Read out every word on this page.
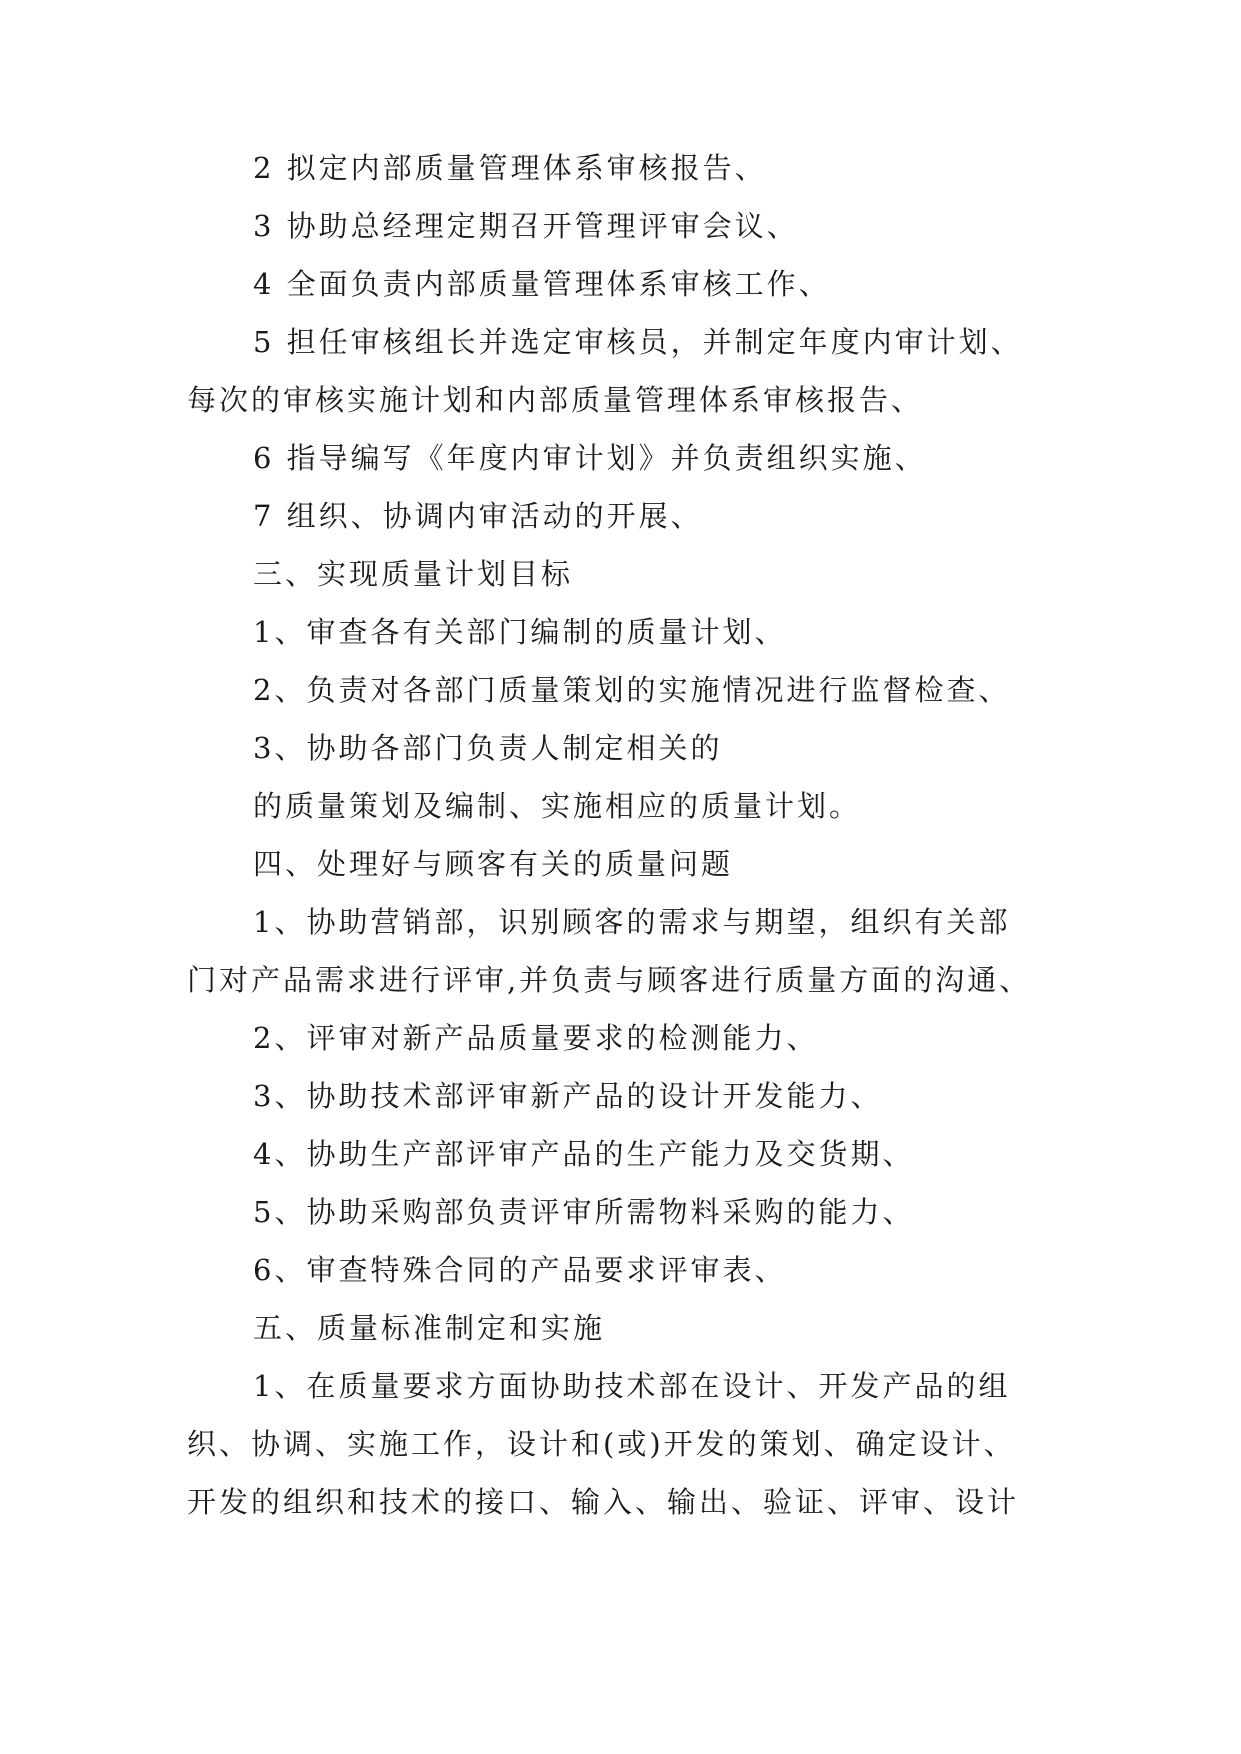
2 拟定内部质量管理体系审核报告、
3 协助总经理定期召开管理评审会议、
4 全面负责内部质量管理体系审核工作、
5 担任审核组长并选定审核员，并制定年度内审计划、
每次的审核实施计划和内部质量管理体系审核报告、
6 指导编写《年度内审计划》并负责组织实施、
7 组织、协调内审活动的开展、
三、实现质量计划目标
1、审查各有关部门编制的质量计划、
2、负责对各部门质量策划的实施情况进行监督检查、
3、协助各部门负责人制定相关的
的质量策划及编制、实施相应的质量计划。
四、处理好与顾客有关的质量问题
1、协助营销部，识别顾客的需求与期望，组织有关部
门对产品需求进行评审,并负责与顾客进行质量方面的沟通、
2、评审对新产品质量要求的检测能力、
3、协助技术部评审新产品的设计开发能力、
4、协助生产部评审产品的生产能力及交货期、
5、协助采购部负责评审所需物料采购的能力、
6、审查特殊合同的产品要求评审表、
五、质量标准制定和实施
1、在质量要求方面协助技术部在设计、开发产品的组
织、协调、实施工作，设计和(或)开发的策划、确定设计、
开发的组织和技术的接口、输入、输出、验证、评审、设计
